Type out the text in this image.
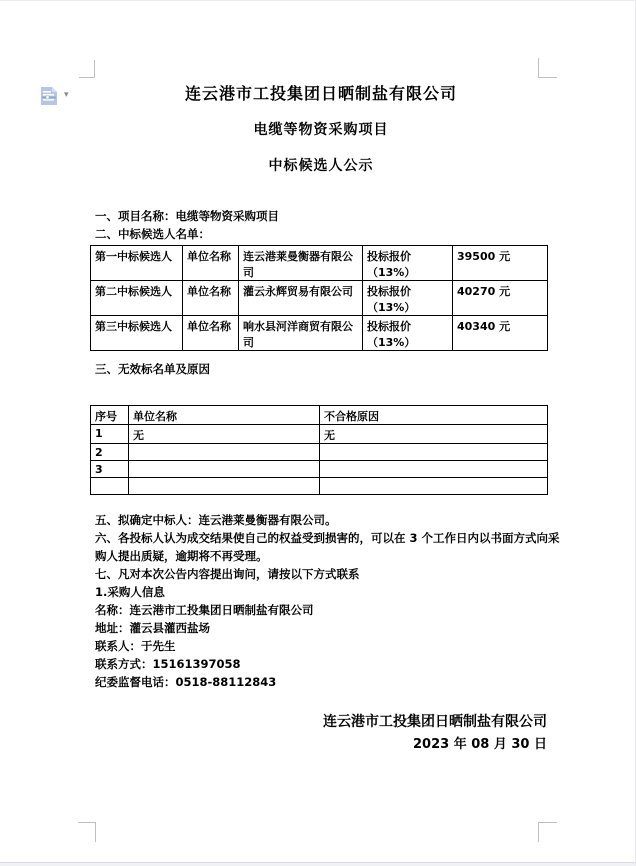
▾	连云港市工投集团日晒制盐有限公司
电缆等物资采购项目
中标候选人公示
一、项目名称：电缆等物资采购项目
二、中标候选人名单：
第一中标候选人	单位名称	连云港莱曼衡器有限公司	投标报价（13%）	39500 元
第二中标候选人	单位名称	灌云永辉贸易有限公司	投标报价（13%）	40270 元
第三中标候选人	单位名称	响水县河洋商贸有限公司	投标报价（13%）	40340 元
三、无效标名单及原因
序号	单位名称	不合格原因
1	无	无
2		
3		

五、拟确定中标人：连云港莱曼衡器有限公司。
六、各投标人认为成交结果使自己的权益受到损害的，可以在 3 个工作日内以书面方式向采
购人提出质疑，逾期将不再受理。
七、凡对本次公告内容提出询问，请按以下方式联系
1.采购人信息
名称：连云港市工投集团日晒制盐有限公司
地址：灌云县灌西盐场
联系人：于先生
联系方式：15161397058
纪委监督电话：0518-88112843
连云港市工投集团日晒制盐有限公司
2023 年 08 月 30 日
